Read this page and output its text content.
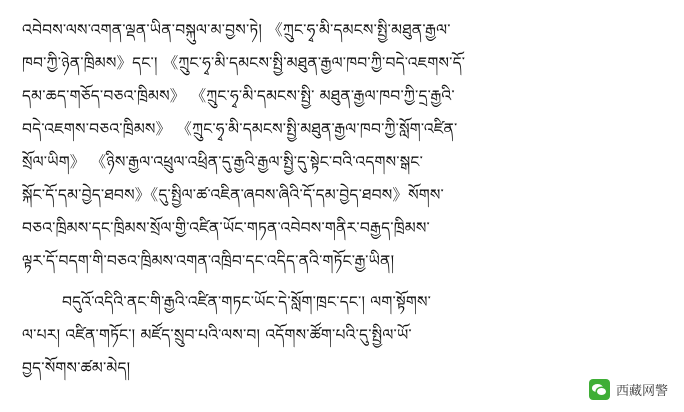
འབེབས་ལས་འགན་ལྡན་ཡིན་བསྐུལ་མ་བྱས་ཏེ། 《ཀྲུང་ཧྭ་མི་དམངས་སྤྱི་མཐུན་རྒྱལ་
ཁབ་ཀྱི་ཉེན་ཁྲིམས》དང་། 《ཀྲུང་ཧྭ་མི་དམངས་སྤྱི་མཐུན་རྒྱལ་ཁབ་ཀྱི་བདེ་འཇགས་དོ་
དམ་ཆད་གཅོད་བཅའ་ཁྲིམས》 《ཀྲུང་ཧྭ་མི་དམངས་སྤྱི་ མཐུན་རྒྱལ་ཁབ་ཀྱི་དྲ་རྒྱའི་
བདེ་འཇགས་བཅའ་ཁྲིམས》 《ཀྲུང་ཧྭ་མི་དམངས་སྤྱི་མཐུན་རྒྱལ་ཁབ་ཀྱི་སློག་འཛིན་
སྲོལ་ཡིག》 《ཉིས་རྒྱལ་འཕྲུལ་འཕྲིན་དུ་རྒྱའི་རྒྱལ་སྤྱི་དུ་སྟེང་བའི་འདགས་སྒང་
སྐོང་དོ་དམ་བྱེད་ཐབས》《དུ་སྤྱིལ་ཚ་འཇིན་ཞབས་ཞིའི་དོ་དམ་བྱེད་ཐབས》སོགས་
བཅའ་ཁྲིམས་དང་ཁྲིམས་སྲོལ་གྱི་འཛིན་ཡོང་གཏན་འབེབས་གནིར་བརྒྱད་ཁྲིམས་
ལྟར་དོ་བདག་གི་བཅའ་ཁྲིམས་འགན་འཁྲིབ་དང་འདིད་ནའི་གཏོང་རྒྱ་ཡིན།
བདུའོ་འདིའི་ནང་གི་རྒྱའི་འཛིན་གཏང་ཡོང་དེ་སློག་ཁྲང་དང་། ལག་སྟོགས་
ལ་པར། འཛིན་གཏོང་། མཛོད་སྲུབ་པའི་ལས་བ། འདོགས་ཚོག་པའི་དུ་སྤྱིལ་ཡོ་
བྱད་སོགས་ཚམ་མེད།
西藏网警
